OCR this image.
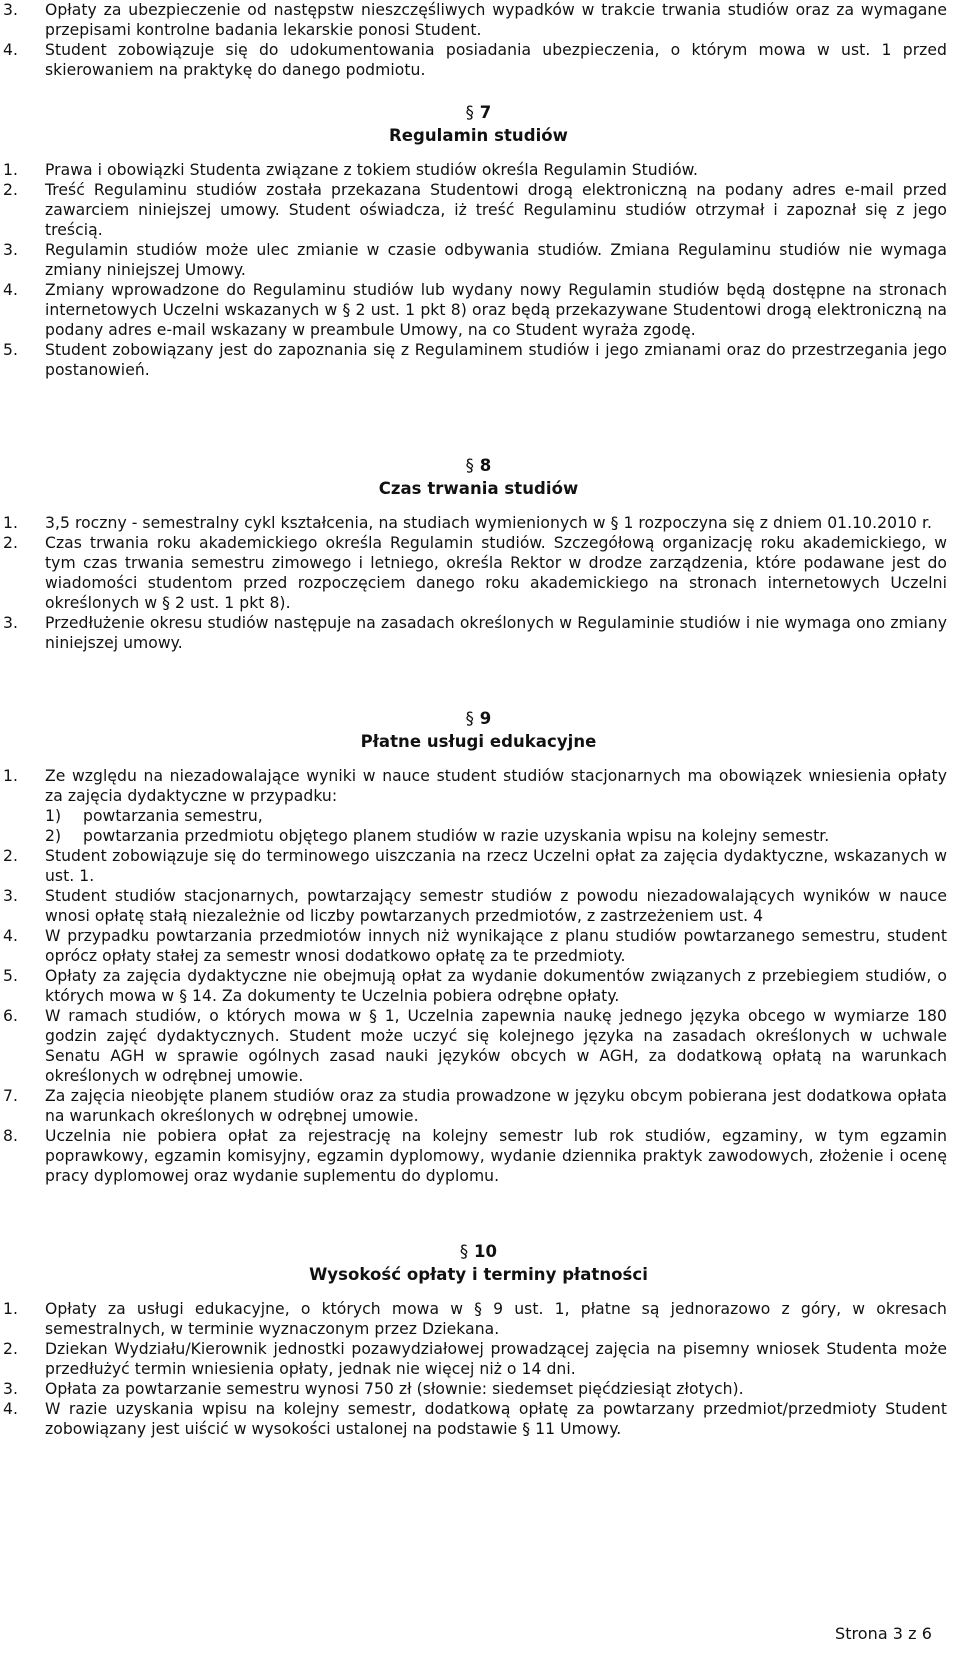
3.	Opłaty za ubezpieczenie od następstw nieszczęśliwych wypadków w trakcie trwania studiów oraz za wymagane przepisami kontrolne badania lekarskie ponosi Student.
4.	Student zobowiązuje się do udokumentowania posiadania ubezpieczenia, o którym mowa w ust. 1 przed skierowaniem na praktykę do danego podmiotu.
§ 7
Regulamin studiów
1.	Prawa i obowiązki Studenta związane z tokiem studiów określa Regulamin Studiów.
2.	Treść Regulaminu studiów została przekazana Studentowi drogą elektroniczną na podany adres e-mail przed zawarciem niniejszej umowy. Student oświadcza, iż treść Regulaminu studiów otrzymał i zapoznał się z jego treścią.
3.	Regulamin studiów może ulec zmianie w czasie odbywania studiów. Zmiana Regulaminu studiów nie wymaga zmiany niniejszej Umowy.
4.	Zmiany wprowadzone do Regulaminu studiów lub wydany nowy Regulamin studiów będą dostępne na stronach internetowych Uczelni wskazanych w § 2 ust. 1 pkt 8) oraz będą przekazywane Studentowi drogą elektroniczną na podany adres e-mail wskazany w preambule Umowy, na co Student wyraża zgodę.
5.	Student zobowiązany jest do zapoznania się z Regulaminem studiów i jego zmianami oraz do przestrzegania jego postanowień.
§ 8
Czas trwania studiów
1.	3,5 roczny - semestralny cykl kształcenia, na studiach wymienionych w § 1 rozpoczyna się z dniem 01.10.2010 r.
2.	Czas trwania roku akademickiego określa Regulamin studiów. Szczegółową organizację roku akademickiego, w tym czas trwania semestru zimowego i letniego, określa Rektor w drodze zarządzenia, które podawane jest do wiadomości studentom przed rozpoczęciem danego roku akademickiego na stronach internetowych Uczelni określonych w § 2 ust. 1 pkt 8).
3.	Przedłużenie okresu studiów następuje na zasadach określonych w Regulaminie studiów i nie wymaga ono zmiany niniejszej umowy.
§ 9
Płatne usługi edukacyjne
1.	Ze względu na niezadowalające wyniki w nauce student studiów stacjonarnych ma obowiązek wniesienia opłaty za zajęcia dydaktyczne w przypadku:
1) powtarzania semestru,
2) powtarzania przedmiotu objętego planem studiów w razie uzyskania wpisu na kolejny semestr.
2.	Student zobowiązuje się do terminowego uiszczania na rzecz Uczelni opłat za zajęcia dydaktyczne, wskazanych w ust. 1.
3.	Student studiów stacjonarnych, powtarzający semestr studiów z powodu niezadowalających wyników w nauce wnosi opłatę stałą niezależnie od liczby powtarzanych przedmiotów, z zastrzeżeniem ust. 4
4.	W przypadku powtarzania przedmiotów innych niż wynikające z planu studiów powtarzanego semestru, student oprócz opłaty stałej za semestr wnosi dodatkowo opłatę za te przedmioty.
5.	Opłaty za zajęcia dydaktyczne nie obejmują opłat za wydanie dokumentów związanych z przebiegiem studiów, o których mowa w § 14. Za dokumenty te Uczelnia pobiera odrębne opłaty.
6.	W ramach studiów, o których mowa w § 1, Uczelnia zapewnia naukę jednego języka obcego w wymiarze 180 godzin zajęć dydaktycznych. Student może uczyć się kolejnego języka na zasadach określonych w uchwale Senatu AGH w sprawie ogólnych zasad nauki języków obcych w AGH, za dodatkową opłatą na warunkach określonych w odrębnej umowie.
7.	Za zajęcia nieobjęte planem studiów oraz za studia prowadzone w języku obcym pobierana jest dodatkowa opłata na warunkach określonych w odrębnej umowie.
8.	Uczelnia nie pobiera opłat za rejestrację na kolejny semestr lub rok studiów, egzaminy, w tym egzamin poprawkowy, egzamin komisyjny, egzamin dyplomowy, wydanie dziennika praktyk zawodowych, złożenie i ocenę pracy dyplomowej oraz wydanie suplementu do dyplomu.
§ 10
Wysokość opłaty i terminy płatności
1.	Opłaty za usługi edukacyjne, o których mowa w § 9 ust. 1, płatne są jednorazowo z góry, w okresach semestralnych, w terminie wyznaczonym przez Dziekana.
2.	Dziekan Wydziału/Kierownik jednostki pozawydziałowej prowadzącej zajęcia na pisemny wniosek Studenta może przedłużyć termin wniesienia opłaty, jednak nie więcej niż o 14 dni.
3.	Opłata za powtarzanie semestru wynosi 750 zł (słownie: siedemset pięćdziesiąt złotych).
4.	W razie uzyskania wpisu na kolejny semestr, dodatkową opłatę za powtarzany przedmiot/przedmioty Student zobowiązany jest uiścić w wysokości ustalonej na podstawie § 11 Umowy.
Strona 3 z 6
